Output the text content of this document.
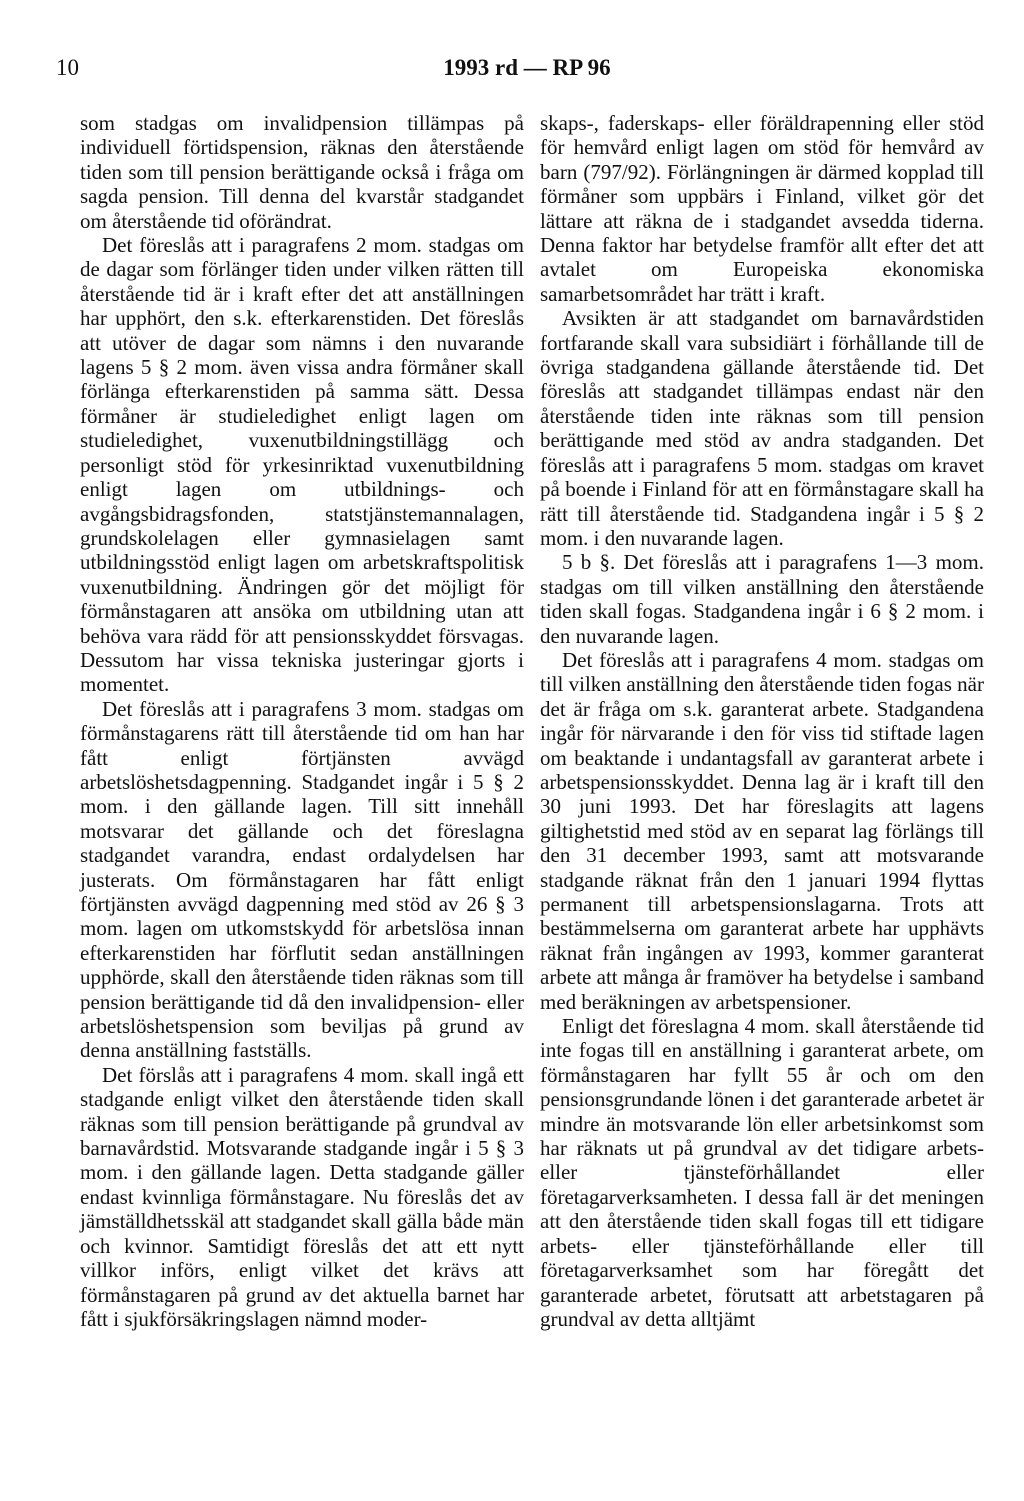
10	1993 rd — RP 96

som stadgas om invalidpension tillämpas på individuell förtidspension, räknas den återstående tiden som till pension berättigande också i fråga om sagda pension. Till denna del kvarstår stadgandet om återstående tid oförändrat.

Det föreslås att i paragrafens 2 mom. stadgas om de dagar som förlänger tiden under vilken rätten till återstående tid är i kraft efter det att anställningen har upphört, den s.k. efterkarenstiden. Det föreslås att utöver de dagar som nämns i den nuvarande lagens 5 § 2 mom. även vissa andra förmåner skall förlänga efterkarenstiden på samma sätt. Dessa förmåner är studieledighet enligt lagen om studieledighet, vuxenutbildningstillägg och personligt stöd för yrkesinriktad vuxenutbildning enligt lagen om utbildnings- och avgångsbidragsfonden, statstjänstemannalagen, grundskolelagen eller gymnasielagen samt utbildningsstöd enligt lagen om arbetskraftspolitisk vuxenutbildning. Ändringen gör det möjligt för förmånstagaren att ansöka om utbildning utan att behöva vara rädd för att pensionsskyddet försvagas. Dessutom har vissa tekniska justeringar gjorts i momentet.

Det föreslås att i paragrafens 3 mom. stadgas om förmånstagarens rätt till återstående tid om han har fått enligt förtjänsten avvägd arbetslöshetsdagpenning. Stadgandet ingår i 5 § 2 mom. i den gällande lagen. Till sitt innehåll motsvarar det gällande och det föreslagna stadgandet varandra, endast ordalydelsen har justerats. Om förmånstagaren har fått enligt förtjänsten avvägd dagpenning med stöd av 26 § 3 mom. lagen om utkomstskydd för arbetslösa innan efterkarenstiden har förflutit sedan anställningen upphörde, skall den återstående tiden räknas som till pension berättigande tid då den invalidpension- eller arbetslöshetspension som beviljas på grund av denna anställning fastställs.

Det förslås att i paragrafens 4 mom. skall ingå ett stadgande enligt vilket den återstående tiden skall räknas som till pension berättigande på grundval av barnavårdstid. Motsvarande stadgande ingår i 5 § 3 mom. i den gällande lagen. Detta stadgande gäller endast kvinnliga förmånstagare. Nu föreslås det av jämställdhetsskäl att stadgandet skall gälla både män och kvinnor. Samtidigt föreslås det att ett nytt villkor införs, enligt vilket det krävs att förmånstagaren på grund av det aktuella barnet har fått i sjukförsäkringslagen nämnd moder-

skaps-, faderskaps- eller föräldrapenning eller stöd för hemvård enligt lagen om stöd för hemvård av barn (797/92). Förlängningen är därmed kopplad till förmåner som uppbärs i Finland, vilket gör det lättare att räkna de i stadgandet avsedda tiderna. Denna faktor har betydelse framför allt efter det att avtalet om Europeiska ekonomiska samarbetsområdet har trätt i kraft.

Avsikten är att stadgandet om barnavårdstiden fortfarande skall vara subsidiärt i förhållande till de övriga stadgandena gällande återstående tid. Det föreslås att stadgandet tillämpas endast när den återstående tiden inte räknas som till pension berättigande med stöd av andra stadganden. Det föreslås att i paragrafens 5 mom. stadgas om kravet på boende i Finland för att en förmånstagare skall ha rätt till återstående tid. Stadgandena ingår i 5 § 2 mom. i den nuvarande lagen.

5 b §. Det föreslås att i paragrafens 1—3 mom. stadgas om till vilken anställning den återstående tiden skall fogas. Stadgandena ingår i 6 § 2 mom. i den nuvarande lagen.

Det föreslås att i paragrafens 4 mom. stadgas om till vilken anställning den återstående tiden fogas när det är fråga om s.k. garanterat arbete. Stadgandena ingår för närvarande i den för viss tid stiftade lagen om beaktande i undantagsfall av garanterat arbete i arbetspensionsskyddet. Denna lag är i kraft till den 30 juni 1993. Det har föreslagits att lagens giltighetstid med stöd av en separat lag förlängs till den 31 december 1993, samt att motsvarande stadgande räknat från den 1 januari 1994 flyttas permanent till arbetspensionslagarna. Trots att bestämmelserna om garanterat arbete har upphävts räknat från ingången av 1993, kommer garanterat arbete att många år framöver ha betydelse i samband med beräkningen av arbetspensioner.

Enligt det föreslagna 4 mom. skall återstående tid inte fogas till en anställning i garanterat arbete, om förmånstagaren har fyllt 55 år och om den pensionsgrundande lönen i det garanterade arbetet är mindre än motsvarande lön eller arbetsinkomst som har räknats ut på grundval av det tidigare arbets- eller tjänsteförhållandet eller företagarverksamheten. I dessa fall är det meningen att den återstående tiden skall fogas till ett tidigare arbets- eller tjänsteförhållande eller till företagarverksamhet som har föregått det garanterade arbetet, förutsatt att arbetstagaren på grundval av detta alltjämt
